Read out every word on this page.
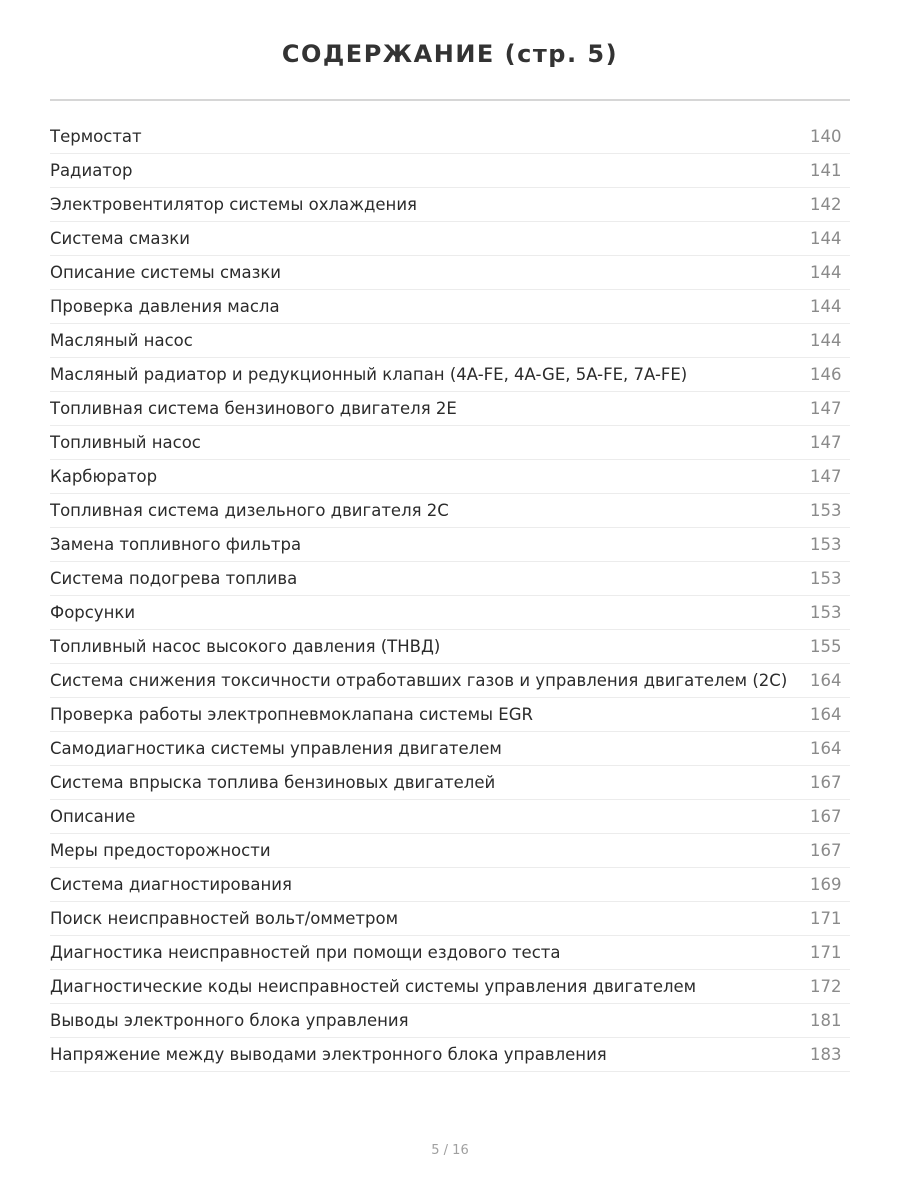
СОДЕРЖАНИЕ (стр. 5)
Термостат	140
Радиатор	141
Электровентилятор системы охлаждения	142
Система смазки	144
Описание системы смазки	144
Проверка давления масла	144
Масляный насос	144
Масляный радиатор и редукционный клапан (4A-FE, 4A-GE, 5A-FE, 7A-FE)	146
Топливная система бензинового двигателя 2E	147
Топливный насос	147
Карбюратор	147
Топливная система дизельного двигателя 2C	153
Замена топливного фильтра	153
Система подогрева топлива	153
Форсунки	153
Топливный насос высокого давления (ТНВД)	155
Система снижения токсичности отработавших газов и управления двигателем (2C) 164
Проверка работы электропневмоклапана системы EGR	164
Самодиагностика системы управления двигателем	164
Система впрыска топлива бензиновых двигателей	167
Описание	167
Меры предосторожности	167
Система диагностирования	169
Поиск неисправностей вольт/омметром	171
Диагностика неисправностей при помощи ездового теста	171
Диагностические коды неисправностей системы управления двигателем	172
Выводы электронного блока управления	181
Напряжение между выводами электронного блока управления	183
5 / 16
